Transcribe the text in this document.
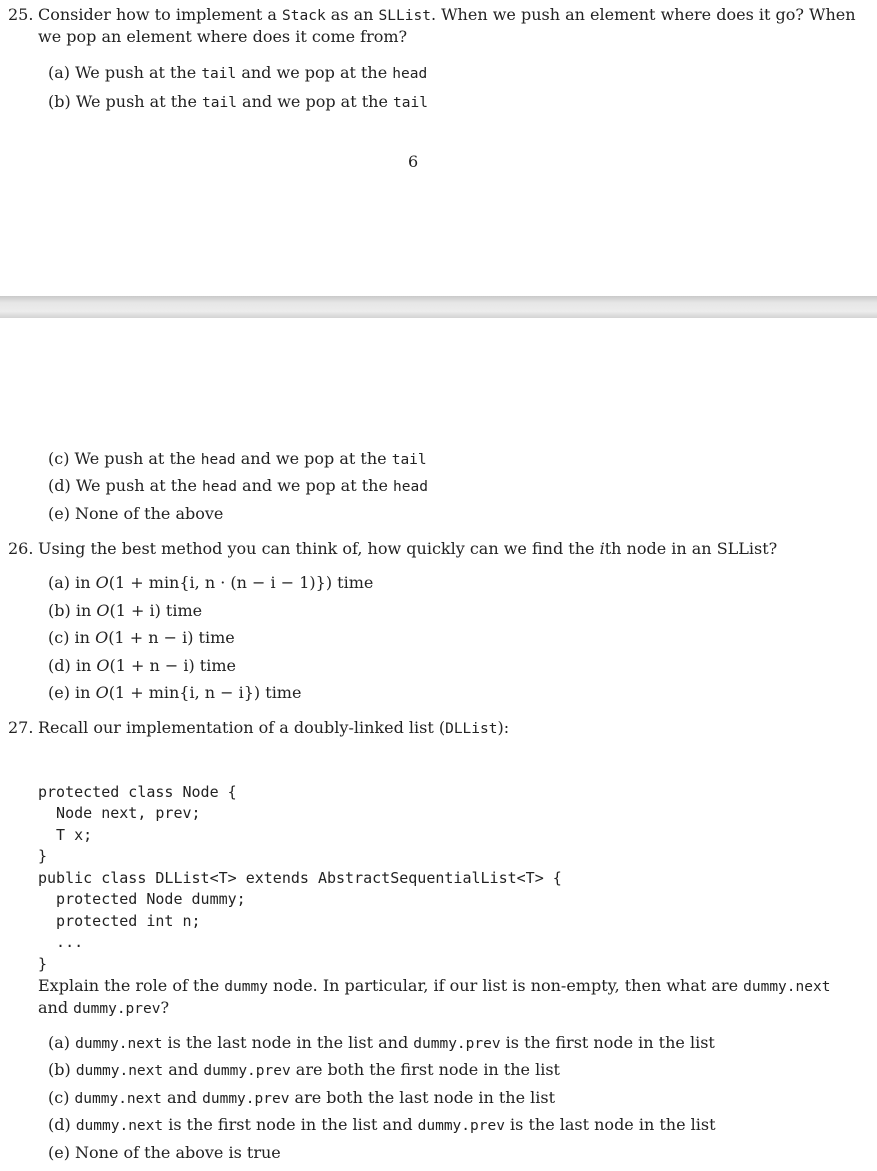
25. Consider how to implement a Stack as an SLList. When we push an element where does it go? When
we pop an element where does it come from?
(a) We push at the tail and we pop at the head
(b) We push at the tail and we pop at the tail
6
(c) We push at the head and we pop at the tail
(d) We push at the head and we pop at the head
(e) None of the above
26. Using the best method you can think of, how quickly can we find the ith node in an SLList?
(a) in O(1 + min{i, n · (n − i − 1)}) time
(b) in O(1 + i) time
(c) in O(1 + n − i) time
(d) in O(1 + n − i) time
(e) in O(1 + min{i, n − i}) time
27. Recall our implementation of a doubly-linked list (DLList):

protected class Node {
Node next, prev;
T x;
}
public class DLList<T> extends AbstractSequentialList<T> {
protected Node dummy;
protected int n;
...
}

Explain the role of the dummy node. In particular, if our list is non-empty, then what are dummy.next
and dummy.prev?
(a) dummy.next is the last node in the list and dummy.prev is the first node in the list
(b) dummy.next and dummy.prev are both the first node in the list
(c) dummy.next and dummy.prev are both the last node in the list
(d) dummy.next is the first node in the list and dummy.prev is the last node in the list
(e) None of the above is true
